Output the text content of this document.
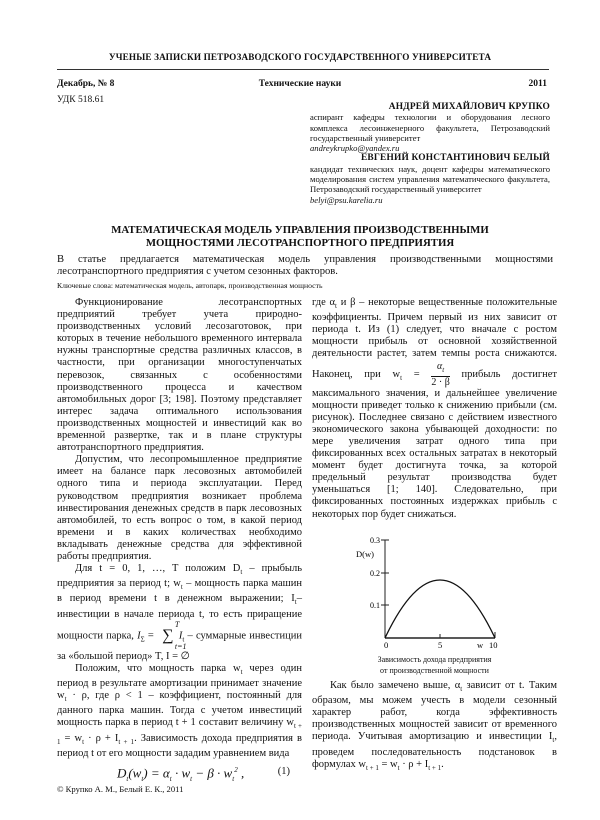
УЧЕНЫЕ ЗАПИСКИ ПЕТРОЗАВОДСКОГО ГОСУДАРСТВЕННОГО УНИВЕРСИТЕТА
Декабрь, № 8	Технические науки	2011
УДК 518.61
АНДРЕЙ МИХАЙЛОВИЧ КРУПКО
аспирант кафедры технологии и оборудования лесного комплекса лесоинженерного факультета, Петрозаводский государственный университет
andreykrupko@yandex.ru
ЕВГЕНИЙ КОНСТАНТИНОВИЧ БЕЛЫЙ
кандидат технических наук, доцент кафедры математического моделирования систем управления математического факультета, Петрозаводский государственный университет
belyi@psu.karelia.ru
МАТЕМАТИЧЕСКАЯ МОДЕЛЬ УПРАВЛЕНИЯ ПРОИЗВОДСТВЕННЫМИ
МОЩНОСТЯМИ ЛЕСОТРАНСПОРТНОГО ПРЕДПРИЯТИЯ
В статье предлагается математическая модель управления производственными мощностями лесотранспортного предприятия с учетом сезонных факторов.
Ключевые слова: математическая модель, автопарк, производственная мощность

Функционирование лесотранспортных предприятий требует учета природно-производственных условий лесозаготовок, при которых в течение небольшого временного интервала нужны транспортные средства различных классов, в частности, при организации многоступенчатых перевозок, связанных с особенностями производственного процесса и качеством автомобильных дорог [3; 198]. Поэтому представляет интерес задача оптимального использования производственных мощностей и инвестиций как во временной развертке, так и в плане структуры автотранспортного предприятия.

Допустим, что лесопромышленное предприятие имеет на балансе парк лесовозных автомобилей одного типа и периода эксплуатации. Перед руководством предприятия возникает проблема инвестирования денежных средств в парк лесовозных автомобилей, то есть вопрос о том, в какой период времени и в каких количествах необходимо вкладывать денежные средства для эффективной работы предприятия.

Для t = 0, 1, …, T положим $D_t$ – прыбыль предприятия за период t; $w_t$ – мощность парка машин в период времени t в денежном выражении; $I_t-$ инвестиции в начале периода t, то есть приращение мощности парка, $I_\Sigma$ =
T
∑
t=1
$I_t$ – суммарные инвестиции за «большой период» T, I = ∅

Положим, что мощность парка $w_t$ через один период в результате амортизации принимает значение $w_t \cdot \rho$, где ρ < 1 – коэффициент, постоянный для данного парка машин. Тогда с учетом инвестиций мощность парка в период t + 1 составит величину $w_{t + 1} = w_t \cdot \rho + I_{t + 1}$. Зависимость дохода предприятия в период t от его мощности зададим уравнением вида

$D_t(w_t) = \alpha_t \cdot w_t - \beta \cdot w_t^2$ ,	(1)

где $\alpha_t$ и β – некоторые вещественные положительные коэффициенты. Причем первый из них зависит от периода t. Из (1) следует, что вначале с ростом мощности прибыль от основной хозяйственной деятельности растет, затем темпы роста снижаются. Наконец, при $w_t = \frac{\alpha_t}{2 \cdot \beta}$ прибыль достигнет максимального значения, и дальнейшее увеличение мощности приведет только к снижению прибыли (см. рисунок). Последнее связано с действием известного экономического закона убывающей доходности: по мере увеличения затрат одного типа при фиксированных всех остальных затратах в некоторый момент будет достигнута точка, за которой предельный результат производства будет уменьшаться [1; 140]. Следовательно, при фиксированных постоянных издержках прибыль с некоторых пор будет снижаться.

0.3
0.2
0.1
D(w)
0	5	w 10
Зависимость дохода предприятия
от производственной мощности

Как было замечено выше, $\alpha_t$ зависит от t. Таким образом, мы можем учесть в модели сезонный характер работ, когда эффективность производственных мощностей зависит от временного периода. Учитывая амортизацию и инвестиции $I_t$, проведем последовательность подстановок в формулах $w_{t + 1} = w_t \cdot \rho + I_{t + 1}$.

© Крупко А. М., Белый Е. К., 2011
